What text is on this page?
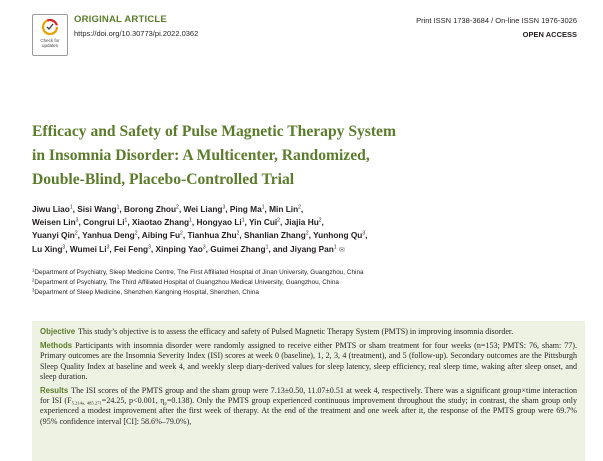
Check for updates
ORIGINAL ARTICLE
https://doi.org/10.30773/pi.2022.0362
Print ISSN 1738-3684 / On-line ISSN 1976-3026
OPEN ACCESS
Efficacy and Safety of Pulse Magnetic Therapy System
in Insomnia Disorder: A Multicenter, Randomized,
Double-Blind, Placebo-Controlled Trial
Jiwu Liao$^1$, Sisi Wang$^1$, Borong Zhou$^2$, Wei Liang$^3$, Ping Ma$^1$, Min Lin$^2$,
Weisen Lin$^3$, Congrui Li$^1$, Xiaotao Zhang$^1$, Hongyao Li$^1$, Yin Cui$^2$, Jiajia Hu$^2$,
Yuanyi Qin$^2$, Yanhua Deng$^2$, Aibing Fu$^2$, Tianhua Zhu$^2$, Shanlian Zhang$^2$, Yunhong Qu$^3$,
Lu Xing$^3$, Wumei Li$^3$, Fei Feng$^3$, Xinping Yao$^3$, Guimei Zhang$^1$, and Jiyang Pan$^1$ ✉
$^1$Department of Psychiatry, Sleep Medicine Centre, The First Affiliated Hospital of Jinan University, Guangzhou, China
$^2$Department of Psychiatry, The Third Affiliated Hospital of Guangzhou Medical University, Guangzhou, China
$^3$Department of Sleep Medicine, Shenzhen Kangning Hospital, Shenzhen, China

Objective This study’s objective is to assess the efficacy and safety of Pulsed Magnetic Therapy System (PMTS) in improving insomnia disorder.

Methods Participants with insomnia disorder were randomly assigned to receive either PMTS or sham treatment for four weeks (n=153; PMTS: 76, sham: 77). Primary outcomes are the Insomnia Severity Index (ISI) scores at week 0 (baseline), 1, 2, 3, 4 (treatment), and 5 (follow-up). Secondary outcomes are the Pittsburgh Sleep Quality Index at baseline and week 4, and weekly sleep diary-derived values for sleep latency, sleep efficiency, real sleep time, waking after sleep onset, and sleep duration.

Results The ISI scores of the PMTS group and the sham group were 7.13±0.50, 11.07±0.51 at week 4, respectively. There was a significant group×time interaction for ISI ($F_{5.214a, 485.271}=24.25$, p<0.001, $\eta_p=0.138$). Only the PMTS group experienced continuous improvement throughout the study; in contrast, the sham group only experienced a modest improvement after the first week of therapy. At the end of the treatment and one week after it, the response of the PMTS group were 69.7% (95% confidence interval [CI]: 58.6%–79.0%),
